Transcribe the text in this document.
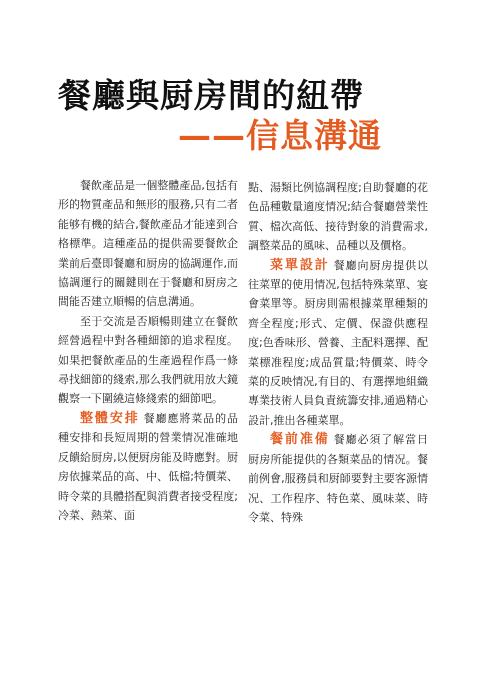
餐廳與厨房間的紐帶
——信息溝通

餐飲產品是一個整體產品,包括有形的物質產品和無形的服務,只有二者能够有機的結合,餐飲產品才能達到合格標準。這種產品的提供需要餐飲企業前后臺即餐廳和厨房的協調運作,而協調運行的關鍵則在于餐廳和厨房之間能否建立順暢的信息溝通。

至于交流是否順暢則建立在餐飲經營過程中對各種細節的追求程度。如果把餐飲產品的生產過程作爲一條尋找細節的綫索,那么我們就用放大鏡觀察一下圍繞這條綫索的細節吧。

整體安排 餐廳應將菜品的品種安排和長短周期的營業情况准確地反饋給厨房,以便厨房能及時應對。厨房依據菜品的高、中、低檔;特價菜、時令菜的具體搭配與消費者接受程度;冷菜、熱菜、面

點、湯類比例協調程度;自助餐廳的花色品種數量適度情况;結合餐廳營業性質、檔次高低、接待對象的消費需求,調整菜品的風味、品種以及價格。

菜單設計 餐廳向厨房提供以往菜單的使用情况,包括特殊菜單、宴會菜單等。厨房則需根據菜單種類的齊全程度;形式、定價、保證供應程度;色香味形、營養、主配料選擇、配菜標准程度;成品質量;特價菜、時令菜的反映情况,有目的、有選擇地組織專業技術人員負責統籌安排,通過精心設計,推出各種菜單。

餐前准備 餐廳必須了解當日厨房所能提供的各類菜品的情况。餐前例會,服務員和厨師要對主要客源情况、工作程序、特色菜、風味菜、時令菜、特殊
